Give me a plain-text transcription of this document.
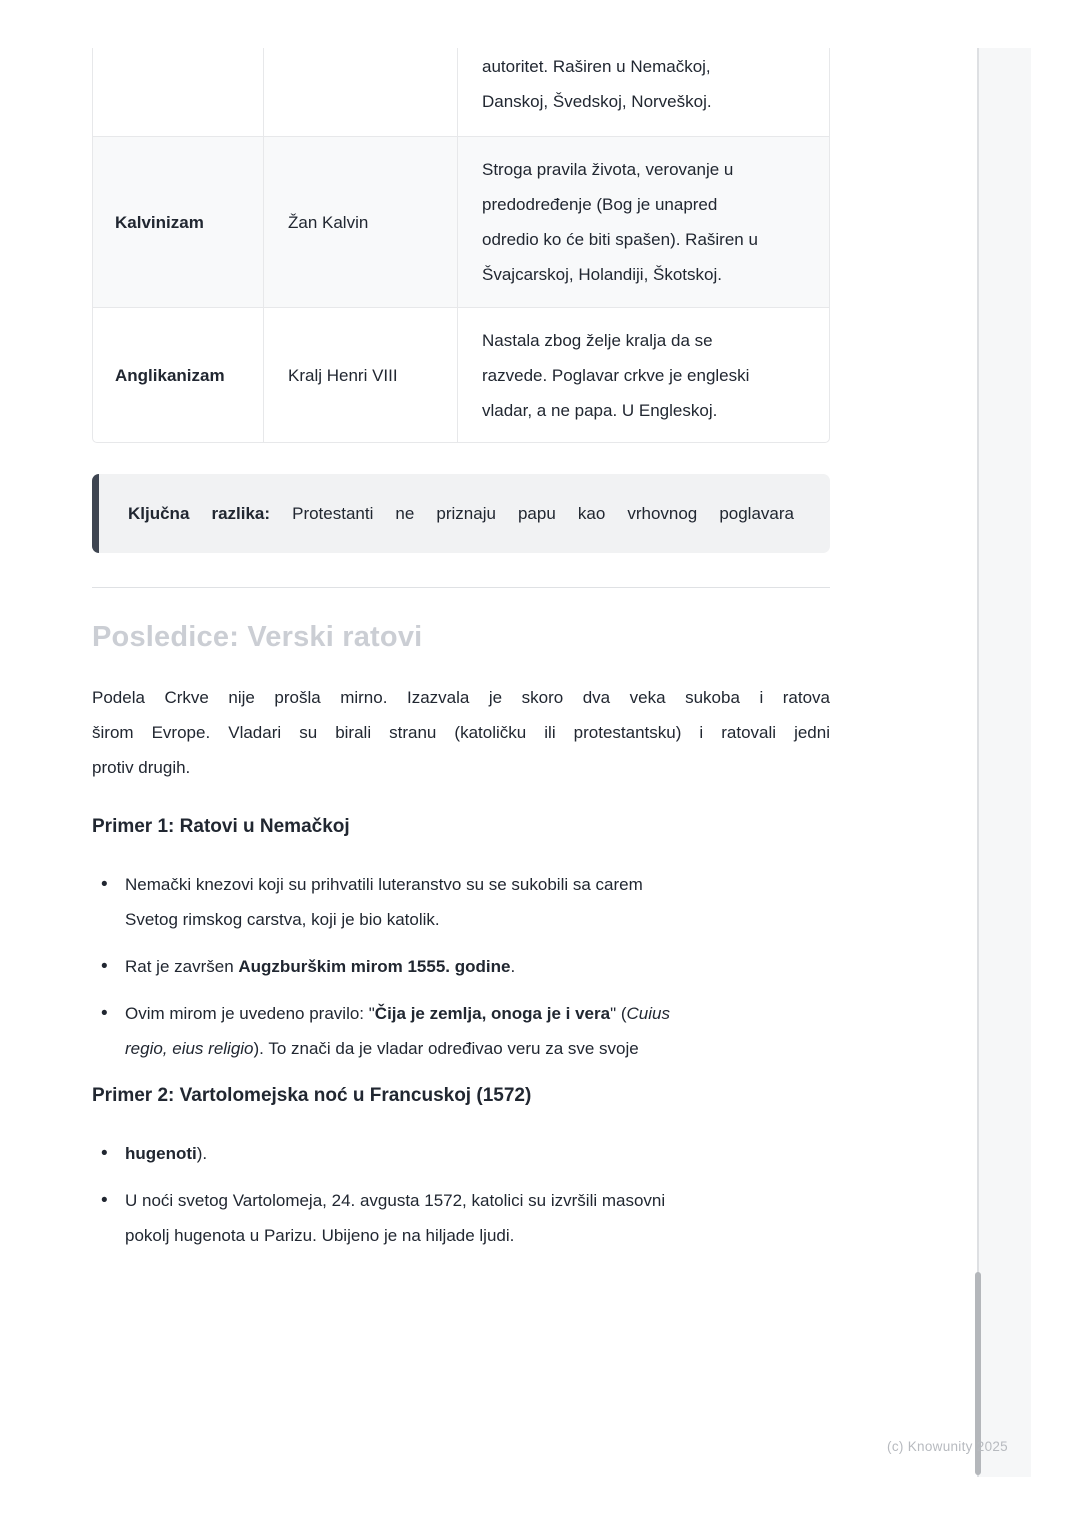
autoritet. Raširen u Nemačkoj,
Danskoj, Švedskoj, Norveškoj.
Kalvinizam	Žan Kalvin
Stroga pravila života, verovanje u
predodređenje (Bog je unapred
odredio ko će biti spašen). Raširen u
Švajcarskoj, Holandiji, Škotskoj.
Anglikanizam	Kralj Henri VIII
Nastala zbog želje kralja da se
razvede. Poglavar crkve je engleski
vladar, a ne papa. U Engleskoj.
Ključna razlika: Protestanti ne priznaju papu kao vrhovnog poglavara
Posledice: Verski ratovi
Podela Crkve nije prošla mirno. Izazvala je skoro dva veka sukoba i ratova
širom Evrope. Vladari su birali stranu (katoličku ili protestantsku) i ratovali jedni
protiv drugih.
Primer 1: Ratovi u Nemačkoj
• Nemački knezovi koji su prihvatili luteranstvo su se sukobili sa carem
Svetog rimskog carstva, koji je bio katolik.
• Rat je završen Augzburškim mirom 1555. godine.
• Ovim mirom je uvedeno pravilo: "Čija je zemlja, onoga je i vera" (Cuius
regio, eius religio). To znači da je vladar određivao veru za sve svoje
Primer 2: Vartolomejska noć u Francuskoj (1572)
• hugenoti).
• U noći svetog Vartolomeja, 24. avgusta 1572, katolici su izvršili masovni
pokolj hugenota u Parizu. Ubijeno je na hiljade ljudi.
(c) Knowunity 2025
